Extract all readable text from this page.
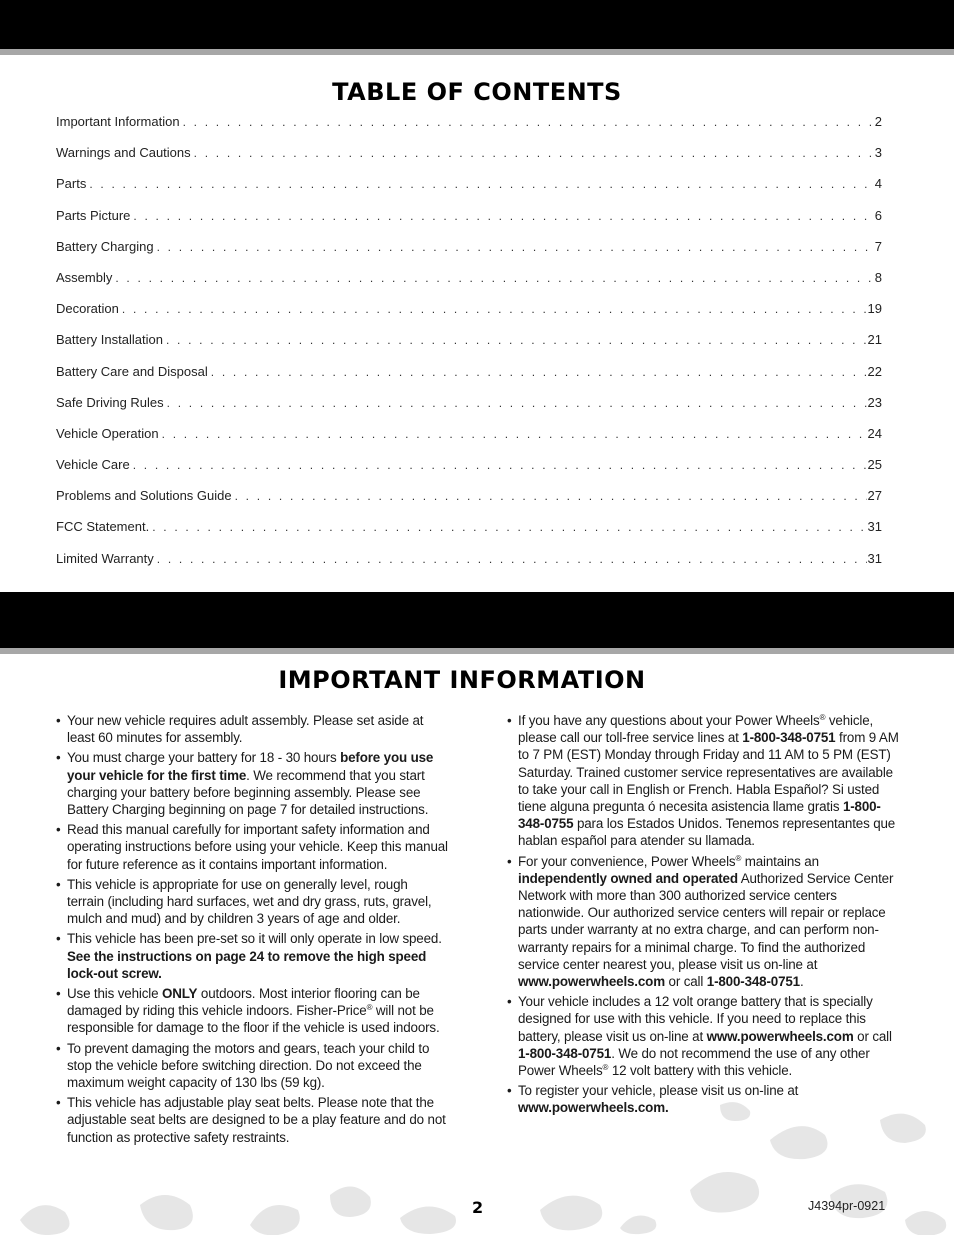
TABLE OF CONTENTS
Important Information . . .	2
Warnings and Cautions . . .	3
Parts . . .	4
Parts Picture . . .	6
Battery Charging . . .	7
Assembly . . .	8
Decoration . . .	19
Battery Installation . . .	21
Battery Care and Disposal . . .	22
Safe Driving Rules . . .	23
Vehicle Operation . . .	24
Vehicle Care . . .	25
Problems and Solutions Guide . . .	27
FCC Statement. . . .	31
Limited Warranty . . .	31
IMPORTANT INFORMATION
• Your new vehicle requires adult assembly. Please set aside at least 60 minutes for assembly.
• You must charge your battery for 18 - 30 hours before you use your vehicle for the first time. We recommend that you start charging your battery before beginning assembly. Please see Battery Charging beginning on page 7 for detailed instructions.
• Read this manual carefully for important safety information and operating instructions before using your vehicle. Keep this manual for future reference as it contains important information.
• This vehicle is appropriate for use on generally level, rough terrain (including hard surfaces, wet and dry grass, ruts, gravel, mulch and mud) and by children 3 years of age and older.
• This vehicle has been pre-set so it will only operate in low speed. See the instructions on page 24 to remove the high speed lock-out screw.
• Use this vehicle ONLY outdoors. Most interior flooring can be damaged by riding this vehicle indoors. Fisher-Price® will not be responsible for damage to the floor if the vehicle is used indoors.
• To prevent damaging the motors and gears, teach your child to stop the vehicle before switching direction. Do not exceed the maximum weight capacity of 130 lbs (59 kg).
• This vehicle has adjustable play seat belts. Please note that the adjustable seat belts are designed to be a play feature and do not function as protective safety restraints.
• If you have any questions about your Power Wheels® vehicle, please call our toll-free service lines at 1-800-348-0751 from 9 AM to 7 PM (EST) Monday through Friday and 11 AM to 5 PM (EST) Saturday. Trained customer service representatives are available to take your call in English or French. Habla Español? Si usted tiene alguna pregunta ó necesita asistencia llame gratis 1-800-348-0755 para los Estados Unidos. Tenemos representantes que hablan español para atender su llamada.
• For your convenience, Power Wheels® maintains an independently owned and operated Authorized Service Center Network with more than 300 authorized service centers nationwide. Our authorized service centers will repair or replace parts under warranty at no extra charge, and can perform non-warranty repairs for a minimal charge. To find the authorized service center nearest you, please visit us on-line at www.powerwheels.com or call 1-800-348-0751.
• Your vehicle includes a 12 volt orange battery that is specially designed for use with this vehicle. If you need to replace this battery, please visit us on-line at www.powerwheels.com or call 1-800-348-0751. We do not recommend the use of any other Power Wheels® 12 volt battery with this vehicle.
• To register your vehicle, please visit us on-line at www.powerwheels.com.
2	J4394pr-0921
